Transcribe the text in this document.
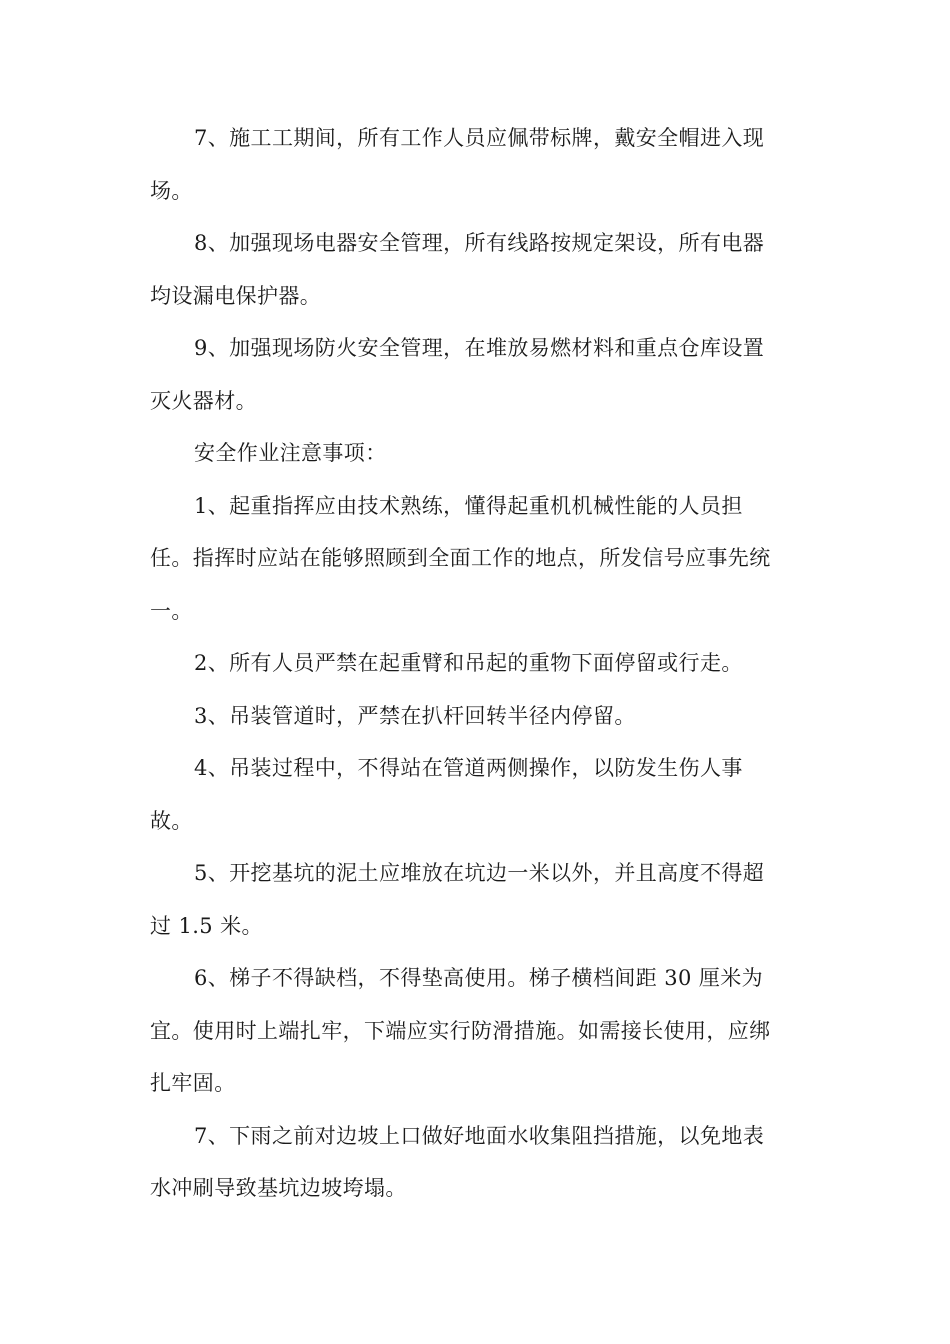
7、施工工期间，所有工作人员应佩带标牌，戴安全帽进入现
场。

8、加强现场电器安全管理，所有线路按规定架设，所有电器
均设漏电保护器。

9、加强现场防火安全管理，在堆放易燃材料和重点仓库设置
灭火器材。

安全作业注意事项：

1、起重指挥应由技术熟练，懂得起重机机械性能的人员担
任。指挥时应站在能够照顾到全面工作的地点，所发信号应事先统
一。

2、所有人员严禁在起重臂和吊起的重物下面停留或行走。

3、吊装管道时，严禁在扒杆回转半径内停留。

4、吊装过程中，不得站在管道两侧操作，以防发生伤人事
故。

5、开挖基坑的泥土应堆放在坑边一米以外，并且高度不得超
过 1.5 米。

6、梯子不得缺档，不得垫高使用。梯子横档间距 30 厘米为
宜。使用时上端扎牢，下端应实行防滑措施。如需接长使用，应绑
扎牢固。

7、下雨之前对边坡上口做好地面水收集阻挡措施，以免地表
水冲刷导致基坑边坡垮塌。
